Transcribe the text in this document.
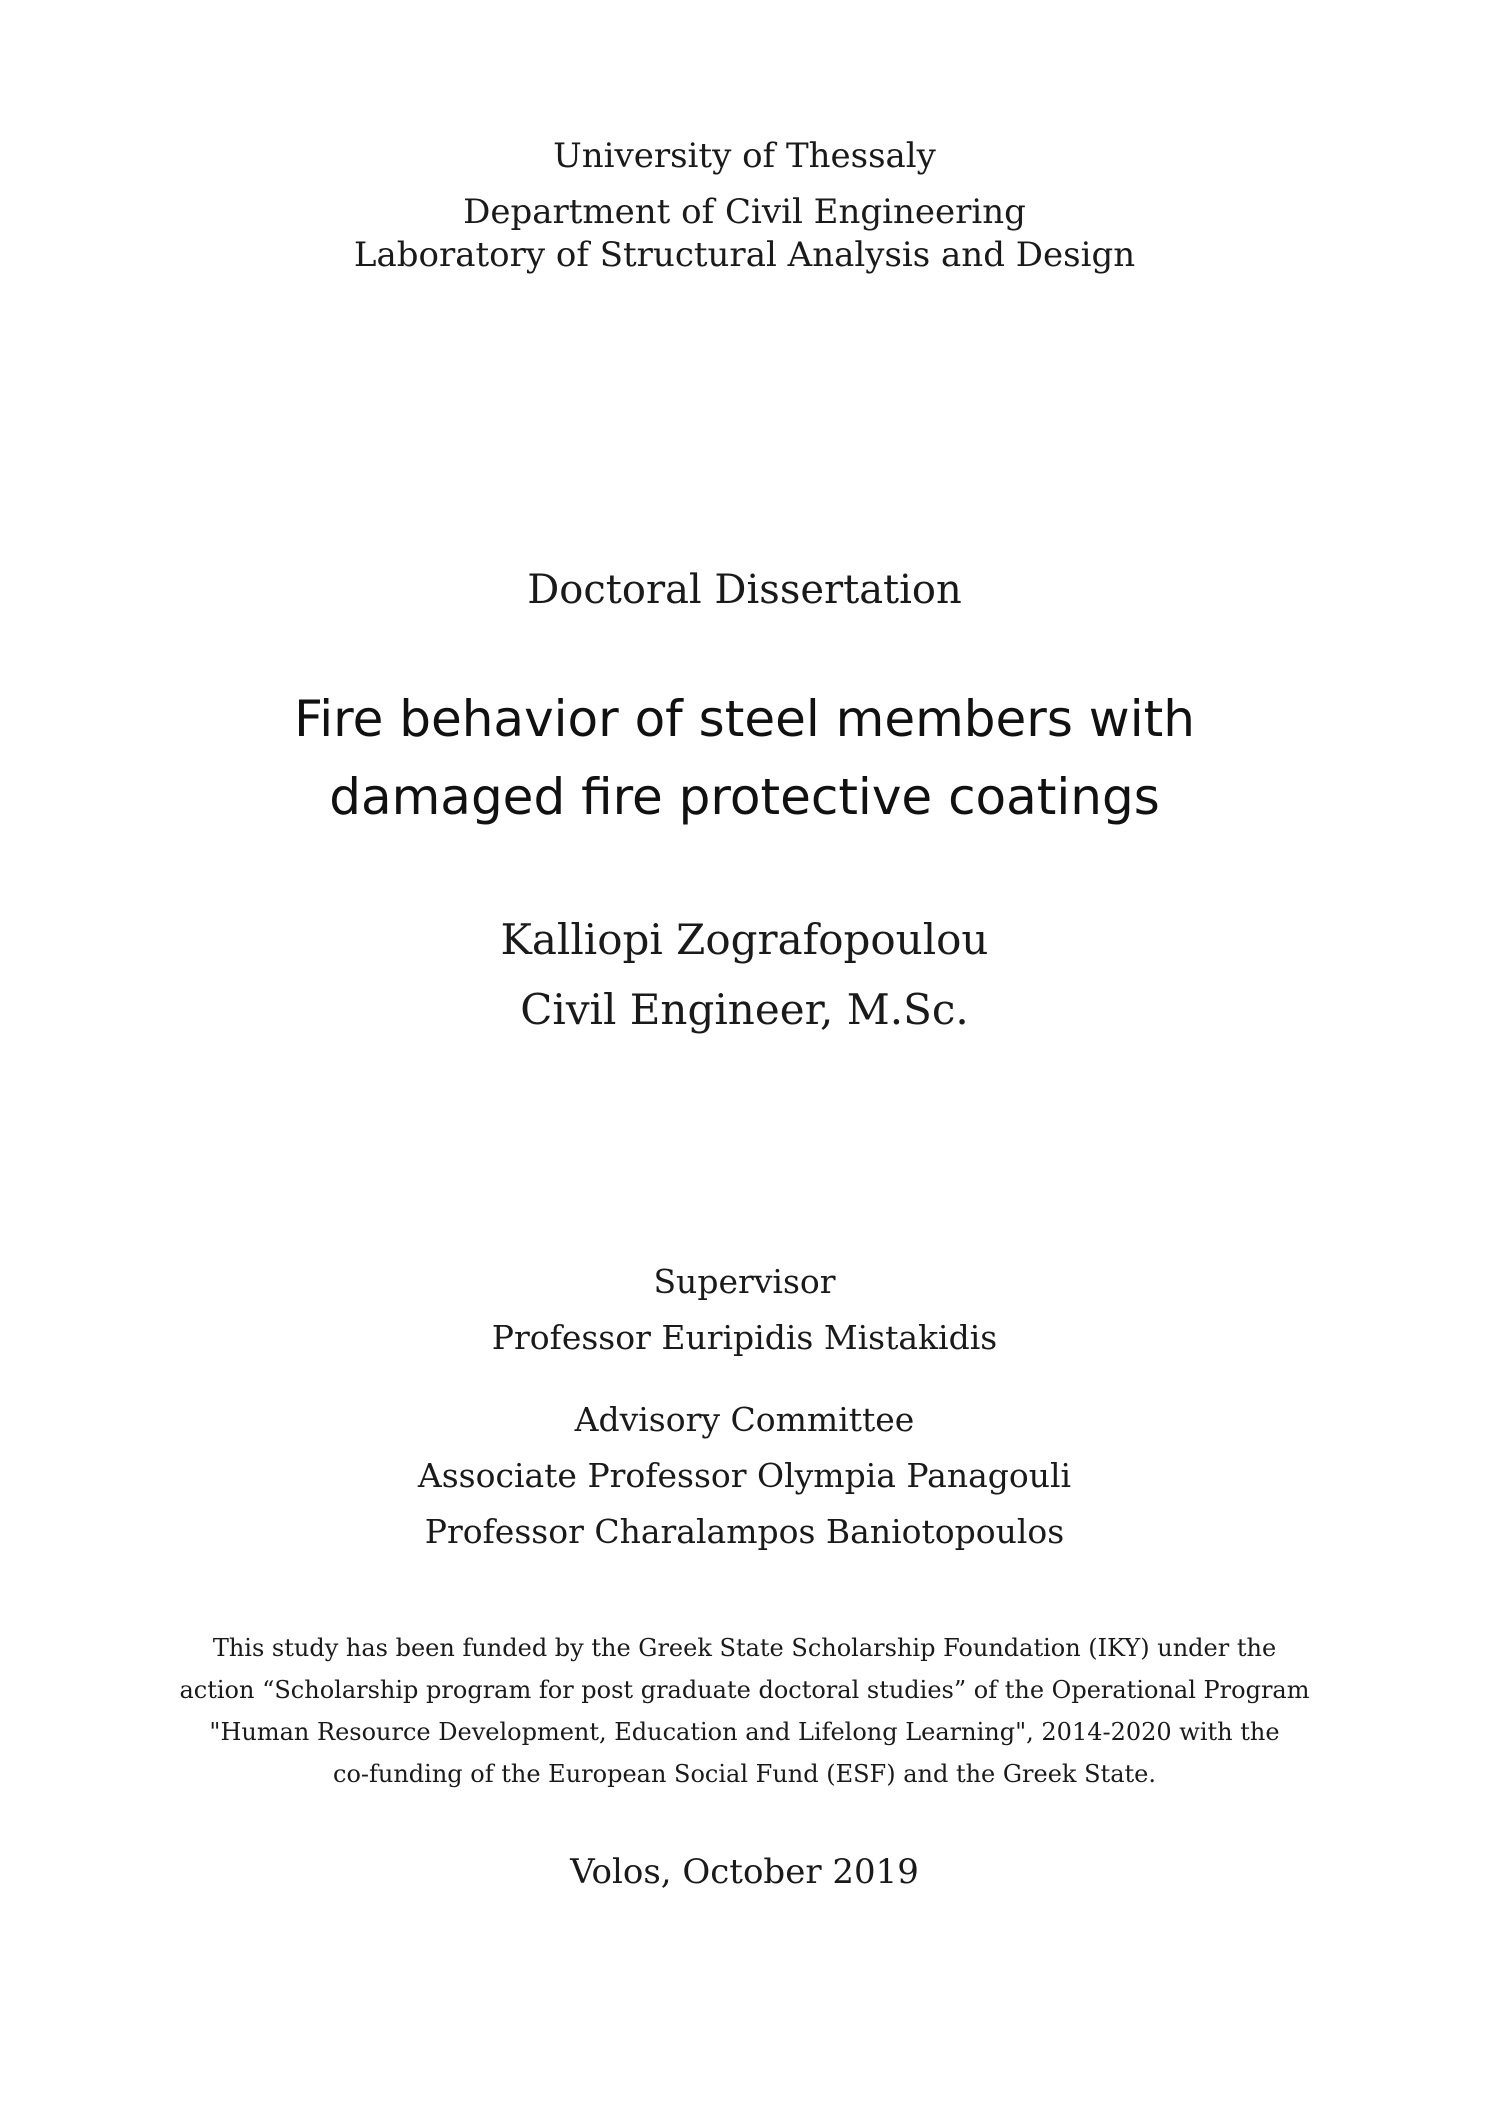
University of Thessaly
Department of Civil Engineering
Laboratory of Structural Analysis and Design
Doctoral Dissertation
Fire behavior of steel members with
damaged fire protective coatings
Kalliopi Zografopoulou
Civil Engineer, M.Sc.
Supervisor
Professor Euripidis Mistakidis
Advisory Committee
Associate Professor Olympia Panagouli
Professor Charalampos Baniotopoulos
This study has been funded by the Greek State Scholarship Foundation (IKY) under the
action “Scholarship program for post graduate doctoral studies” of the Operational Program
"Human Resource Development, Education and Lifelong Learning", 2014-2020 with the
co-funding of the European Social Fund (ESF) and the Greek State.
Volos, October 2019
